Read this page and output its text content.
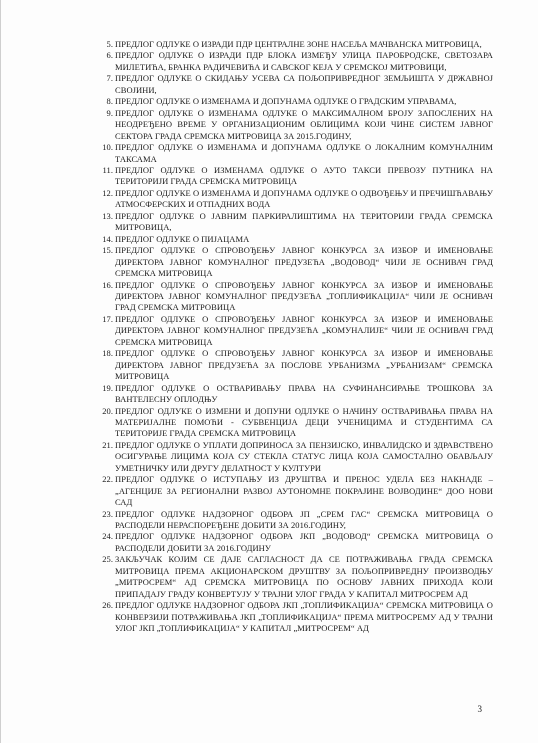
5. ПРЕДЛОГ ОДЛУКЕ О ИЗРАДИ ПДР ЦЕНТРАЛНЕ ЗОНЕ НАСЕЉА МАЧВАНСКА МИТРОВИЦА,
6. ПРЕДЛОГ ОДЛУКЕ О ИЗРАДИ ПДР БЛОКА ИЗМЕЂУ УЛИЦА ПАРОБРОДСКЕ, СВЕТОЗАРА МИЛЕТИЋА, БРАНКА РАДИЧЕВИЋА И САВСКОГ КЕЈА У СРЕМСКОЈ МИТРОВИЦИ,
7. ПРЕДЛОГ ОДЛУКЕ О СКИДАЊУ УСЕВА СА ПОЉОПРИВРЕДНОГ ЗЕМЉИШТА У ДРЖАВНОЈ СВОЈИНИ,
8. ПРЕДЛОГ ОДЛУКЕ О ИЗМЕНАМА И ДОПУНАМА ОДЛУКЕ О ГРАДСКИМ УПРАВАМА,
9. ПРЕДЛОГ ОДЛУКЕ О ИЗМЕНАМА ОДЛУКЕ О МАКСИМАЛНОМ БРОЈУ ЗАПОСЛЕНИХ НА НЕОДРЕЂЕНО ВРЕМЕ У ОРГАНИЗАЦИОНИМ ОБЛИЦИМА КОЈИ ЧИНЕ СИСТЕМ ЈАВНОГ СЕКТОРА ГРАДА СРЕМСКА МИТРОВИЦА ЗА 2015.ГОДИНУ,
10. ПРЕДЛОГ ОДЛУКЕ О ИЗМЕНАМА И ДОПУНАМА ОДЛУКЕ О ЛОКАЛНИМ КОМУНАЛНИМ ТАКСАМА
11. ПРЕДЛОГ ОДЛУКЕ О ИЗМЕНАМА ОДЛУКЕ О АУТО ТАКСИ ПРЕВОЗУ ПУТНИКА НА ТЕРИТОРИЈИ ГРАДА СРЕМСКА МИТРОВИЦА
12. ПРЕДЛОГ ОДЛУКЕ О ИЗМЕНАМА И ДОПУНАМА ОДЛУКЕ О ОДВОЂЕЊУ И ПРЕЧИШЋАВАЊУ АТМОСФЕРСКИХ И ОТПАДНИХ ВОДА
13. ПРЕДЛОГ ОДЛУКЕ О ЈАВНИМ ПАРКИРАЛИШТИМА НА ТЕРИТОРИЈИ ГРАДА СРЕМСКА МИТРОВИЦА,
14. ПРЕДЛОГ ОДЛУКЕ О ПИЈАЦАМА
15. ПРЕДЛОГ ОДЛУКЕ О СПРОВОЂЕЊУ ЈАВНОГ КОНКУРСА ЗА ИЗБОР И ИМЕНОВАЊЕ ДИРЕКТОРА ЈАВНОГ КОМУНАЛНОГ ПРЕДУЗЕЋА „ВОДОВОД“ ЧИЈИ ЈЕ ОСНИВАЧ ГРАД СРЕМСКА МИТРОВИЦА
16. ПРЕДЛОГ ОДЛУКЕ О СПРОВОЂЕЊУ ЈАВНОГ КОНКУРСА ЗА ИЗБОР И ИМЕНОВАЊЕ ДИРЕКТОРА ЈАВНОГ КОМУНАЛНОГ ПРЕДУЗЕЋА „ТОПЛИФИКАЦИЈА“ ЧИЈИ ЈЕ ОСНИВАЧ ГРАД СРЕМСКА МИТРОВИЦА
17. ПРЕДЛОГ ОДЛУКЕ О СПРОВОЂЕЊУ ЈАВНОГ КОНКУРСА ЗА ИЗБОР И ИМЕНОВАЊЕ ДИРЕКТОРА ЈАВНОГ КОМУНАЛНОГ ПРЕДУЗЕЋА „КОМУНАЛИЈЕ“ ЧИЈИ ЈЕ ОСНИВАЧ ГРАД СРЕМСКА МИТРОВИЦА
18. ПРЕДЛОГ ОДЛУКЕ О СПРОВОЂЕЊУ ЈАВНОГ КОНКУРСА ЗА ИЗБОР И ИМЕНОВАЊЕ ДИРЕКТОРА ЈАВНОГ ПРЕДУЗЕЋА ЗА ПОСЛОВЕ УРБАНИЗМА „УРБАНИЗАМ“ СРЕМСКА МИТРОВИЦА
19. ПРЕДЛОГ ОДЛУКЕ О ОСТВАРИВАЊУ ПРАВА НА СУФИНАНСИРАЊЕ ТРОШКОВА ЗА ВАНТЕЛЕСНУ ОПЛОДЊУ
20. ПРЕДЛОГ ОДЛУКЕ О ИЗМЕНИ И ДОПУНИ ОДЛУКЕ О НАЧИНУ ОСТВАРИВАЊА ПРАВА НА МАТЕРИЈАЛНЕ ПОМОЋИ - СУБВЕНЦИЈА ДЕЦИ УЧЕНИЦИМА И СТУДЕНТИМА СА ТЕРИТОРИЈЕ ГРАДА СРЕМСКА МИТРОВИЦА
21. ПРЕДЛОГ ОДЛУКЕ О УПЛАТИ ДОПРИНОСА ЗА ПЕНЗИЈСКО, ИНВАЛИДСКО И ЗДРАВСТВЕНО ОСИГУРАЊЕ ЛИЦИМА КОЈА СУ СТЕКЛА СТАТУС ЛИЦА КОЈА САМОСТАЛНО ОБАВЉАЈУ УМЕТНИЧКУ ИЛИ ДРУГУ ДЕЛАТНОСТ У КУЛТУРИ
22. ПРЕДЛОГ ОДЛУКЕ О ИСТУПАЊУ ИЗ ДРУШТВА И ПРЕНОС УДЕЛА БЕЗ НАКНАДЕ – „АГЕНЦИЈЕ ЗА РЕГИОНАЛНИ РАЗВОЈ АУТОНОМНЕ ПОКРАЈИНЕ ВОЈВОДИНЕ“ ДОО НОВИ САД
23. ПРЕДЛОГ ОДЛУКЕ НАДЗОРНОГ ОДБОРА ЈП „СРЕМ ГАС“ СРЕМСКА МИТРОВИЦА О РАСПОДЕЛИ НЕРАСПОРЕЂЕНЕ ДОБИТИ ЗА 2016.ГОДИНУ,
24. ПРЕДЛОГ ОДЛУКЕ НАДЗОРНОГ ОДБОРА ЈКП „ВОДОВОД“ СРЕМСКА МИТРОВИЦА О РАСПОДЕЛИ ДОБИТИ ЗА 2016.ГОДИНУ
25. ЗАКЉУЧАК КОЈИМ СЕ ДАЈЕ САГЛАСНОСТ ДА СЕ ПОТРАЖИВАЊА ГРАДА СРЕМСКА МИТРОВИЦА ПРЕМА АКЦИОНАРСКОМ ДРУШТВУ ЗА ПОЉОПРИВРЕДНУ ПРОИЗВОДЊУ „МИТРОСРЕМ“ АД СРЕМСКА МИТРОВИЦА ПО ОСНОВУ ЈАВНИХ ПРИХОДА КОЈИ ПРИПАДАЈУ ГРАДУ КОНВЕРТУЈУ У ТРАЈНИ УЛОГ ГРАДА У КАПИТАЛ МИТРОСРЕМ АД
26. ПРЕДЛОГ ОДЛУКЕ НАДЗОРНОГ ОДБОРА ЈКП „ТОПЛИФИКАЦИЈА“ СРЕМСКА МИТРОВИЦА О КОНВЕРЗИЈИ ПОТРАЖИВАЊА ЈКП „ТОПЛИФИКАЦИЈА“ ПРЕМА МИТРОСРЕМУ АД У ТРАЈНИ УЛОГ ЈКП „ТОПЛИФИКАЦИЈА“ У КАПИТАЛ „МИТРОСРЕМ“ АД
3
